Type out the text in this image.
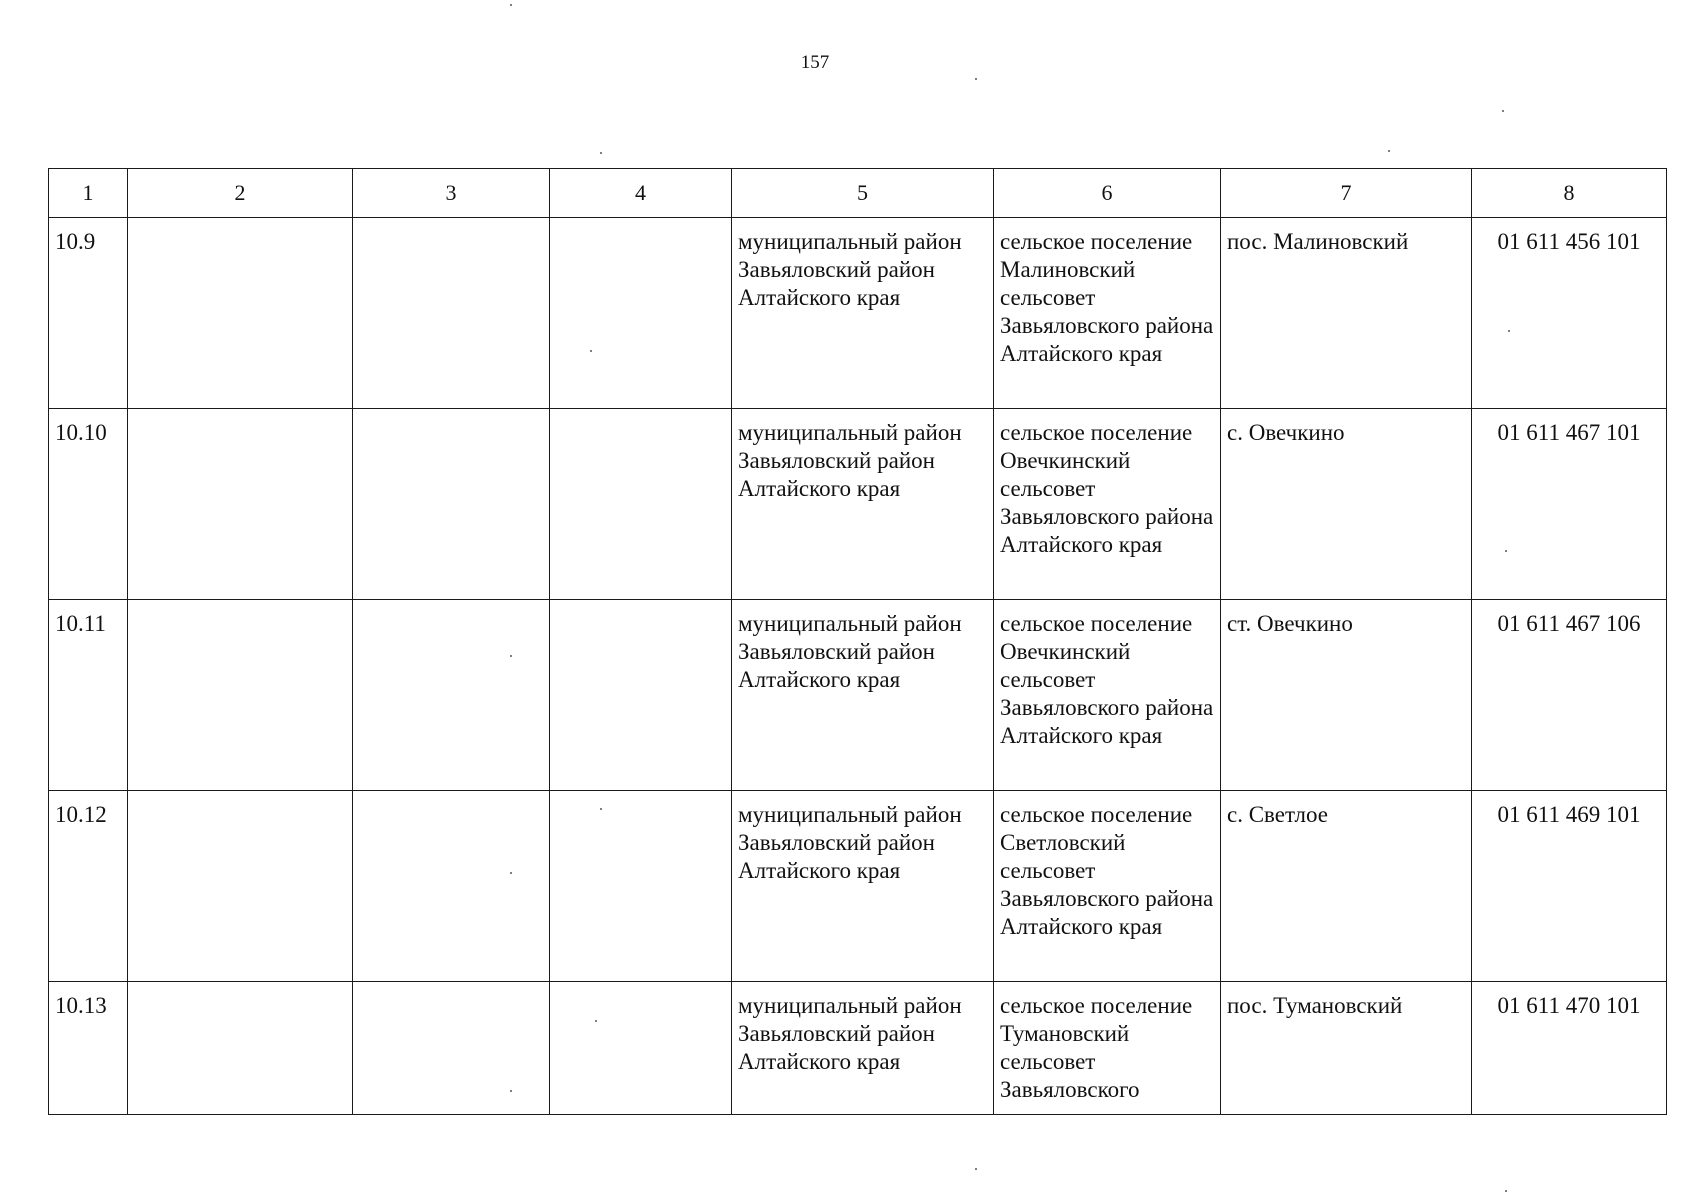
157
1	2	3	4	5	6	7	8

10.9				муниципальный район Завьяловский район Алтайского края	сельское поселение Малиновский сельсовет Завьяловского района Алтайского края	пос. Малиновский	01 611 456 101

10.10				муниципальный район Завьяловский район Алтайского края	сельское поселение Овечкинский сельсовет Завьяловского района Алтайского края	с. Овечкино	01 611 467 101

10.11				муниципальный район Завьяловский район Алтайского края	сельское поселение Овечкинский сельсовет Завьяловского района Алтайского края	ст. Овечкино	01 611 467 106

10.12				муниципальный район Завьяловский район Алтайского края	сельское поселение Светловский сельсовет Завьяловского района Алтайского края	с. Светлое	01 611 469 101

10.13				муниципальный район Завьяловский район Алтайского края	сельское поселение Тумановский сельсовет Завьяловского	пос. Тумановский	01 611 470 101
